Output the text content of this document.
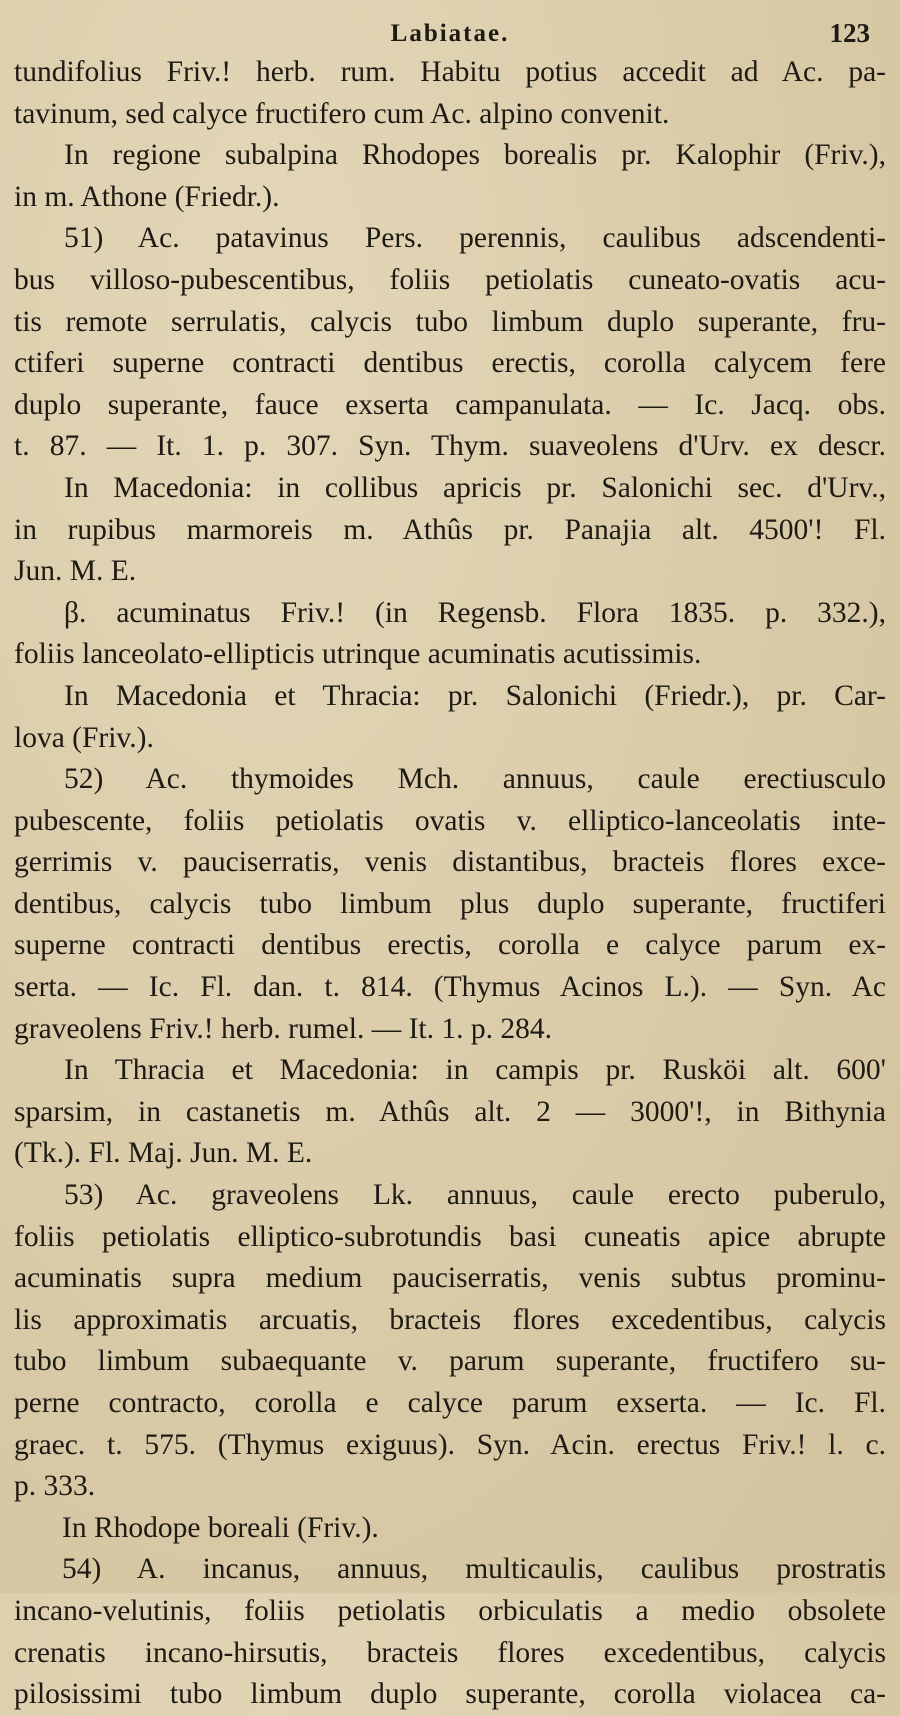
Labiatae.	123
tundifolius Friv.! herb. rum. Habitu potius accedit ad Ac. pa-
tavinum, sed calyce fructifero cum Ac. alpino convenit.
In regione subalpina Rhodopes borealis pr. Kalophir (Friv.),
in m. Athone (Friedr.).
51) Ac. patavinus Pers. perennis, caulibus adscendenti-
bus villoso-pubescentibus, foliis petiolatis cuneato-ovatis acu-
tis remote serrulatis, calycis tubo limbum duplo superante, fru-
ctiferi superne contracti dentibus erectis, corolla calycem fere
duplo superante, fauce exserta campanulata. — Ic. Jacq. obs.
t. 87. — It. 1. p. 307. Syn. Thym. suaveolens d'Urv. ex descr.
In Macedonia: in collibus apricis pr. Salonichi sec. d'Urv.,
in rupibus marmoreis m. Athûs pr. Panajia alt. 4500'! Fl.
Jun. M. E.
β. acuminatus Friv.! (in Regensb. Flora 1835. p. 332.),
foliis lanceolato-ellipticis utrinque acuminatis acutissimis.
In Macedonia et Thracia: pr. Salonichi (Friedr.), pr. Car-
lova (Friv.).
52) Ac. thymoides Mch. annuus, caule erectiusculo
pubescente, foliis petiolatis ovatis v. elliptico-lanceolatis inte-
gerrimis v. pauciserratis, venis distantibus, bracteis flores exce-
dentibus, calycis tubo limbum plus duplo superante, fructiferi
superne contracti dentibus erectis, corolla e calyce parum ex-
serta. — Ic. Fl. dan. t. 814. (Thymus Acinos L.). — Syn. Ac
graveolens Friv.! herb. rumel. — It. 1. p. 284.
In Thracia et Macedonia: in campis pr. Rusköi alt. 600'
sparsim, in castanetis m. Athûs alt. 2 — 3000'!, in Bithynia
(Tk.). Fl. Maj. Jun. M. E.
53) Ac. graveolens Lk. annuus, caule erecto puberulo,
foliis petiolatis elliptico-subrotundis basi cuneatis apice abrupte
acuminatis supra medium pauciserratis, venis subtus prominu-
lis approximatis arcuatis, bracteis flores excedentibus, calycis
tubo limbum subaequante v. parum superante, fructifero su-
perne contracto, corolla e calyce parum exserta. — Ic. Fl.
graec. t. 575. (Thymus exiguus). Syn. Acin. erectus Friv.! l. c.
p. 333.
In Rhodope boreali (Friv.).
54) A. incanus, annuus, multicaulis, caulibus prostratis
incano-velutinis, foliis petiolatis orbiculatis a medio obsolete
crenatis incano-hirsutis, bracteis flores excedentibus, calycis
pilosissimi tubo limbum duplo superante, corolla violacea ca-
